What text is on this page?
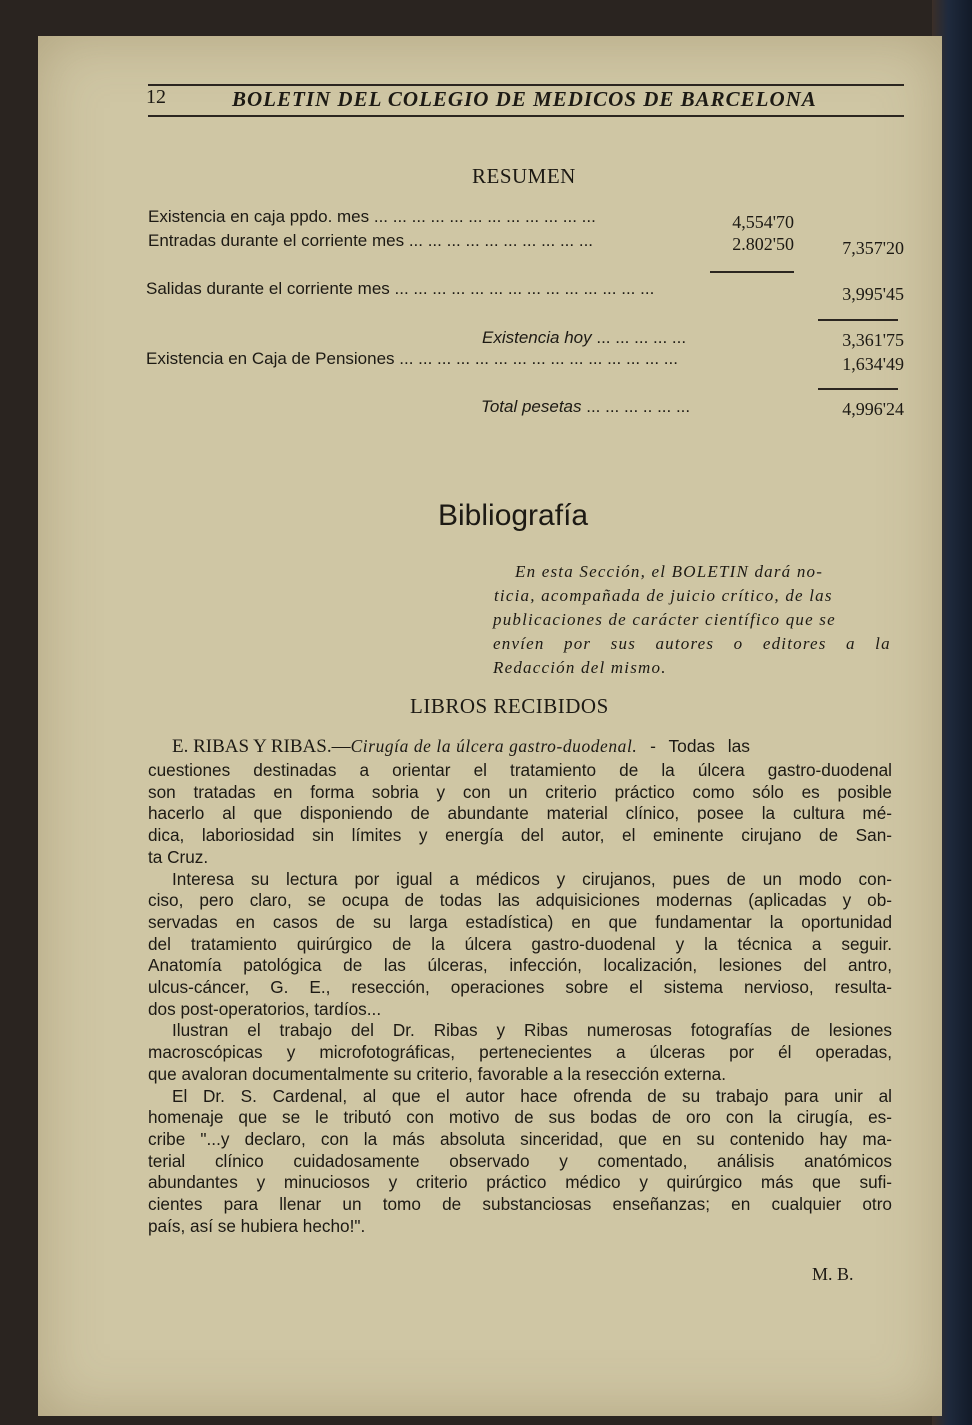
12	BOLETIN DEL COLEGIO DE MEDICOS DE BARCELONA
RESUMEN
Existencia en caja ppdo. mes ... ... ... ... ... ... ... ... ... ... ... ...	4,554'70
Entradas durante el corriente mes ... ... ... ... ... ... ... ... ... ...	2.802'50	7,357'20
Salidas durante el corriente mes ... ... ... ... ... ... ... ... ... ... ... ... ... ...	3,995'45
Existencia hoy ... ... ... ... ...	3,361'75
Existencia en Caja de Pensiones ... ... ... ... ... ... ... ... ... ... ... ... ... ... ...	1,634'49
Total pesetas ... ... ... .. ... ...	4,996'24
Bibliografía
En esta Sección, el BOLETIN dará no-
ticia, acompañada de juicio crítico, de las
publicaciones de carácter científico que se
envíen por sus autores o editores a la
Redacción del mismo.
LIBROS RECIBIDOS
E. RIBAS Y RIBAS.—Cirugía de la úlcera gastro-duodenal. - Todas las
cuestiones destinadas a orientar el tratamiento de la úlcera gastro-duodenal
son tratadas en forma sobria y con un criterio práctico como sólo es posible
hacerlo al que disponiendo de abundante material clínico, posee la cultura mé-
dica, laboriosidad sin límites y energía del autor, el eminente cirujano de San-
ta Cruz.
Interesa su lectura por igual a médicos y cirujanos, pues de un modo con-
ciso, pero claro, se ocupa de todas las adquisiciones modernas (aplicadas y ob-
servadas en casos de su larga estadística) en que fundamentar la oportunidad
del tratamiento quirúrgico de la úlcera gastro-duodenal y la técnica a seguir.
Anatomía patológica de las úlceras, infección, localización, lesiones del antro,
ulcus-cáncer, G. E., resección, operaciones sobre el sistema nervioso, resulta-
dos post-operatorios, tardíos...
Ilustran el trabajo del Dr. Ribas y Ribas numerosas fotografías de lesiones
macroscópicas y microfotográficas, pertenecientes a úlceras por él operadas,
que avaloran documentalmente su criterio, favorable a la resección externa.
El Dr. S. Cardenal, al que el autor hace ofrenda de su trabajo para unir al
homenaje que se le tributó con motivo de sus bodas de oro con la cirugía, es-
cribe "...y declaro, con la más absoluta sinceridad, que en su contenido hay ma-
terial clínico cuidadosamente observado y comentado, análisis anatómicos
abundantes y minuciosos y criterio práctico médico y quirúrgico más que sufi-
cientes para llenar un tomo de substanciosas enseñanzas; en cualquier otro
país, así se hubiera hecho!".
M. B.
